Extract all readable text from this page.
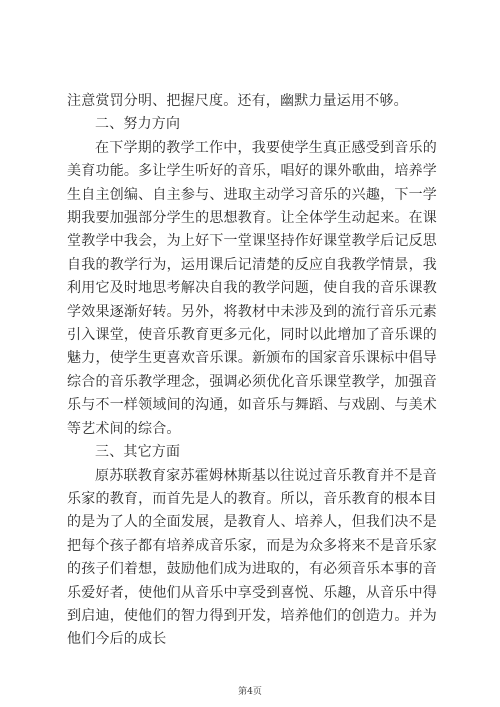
注意赏罚分明、把握尺度。还有，幽默力量运用不够。

二、努力方向

在下学期的教学工作中，我要使学生真正感受到音乐的美育功能。多让学生听好的音乐，唱好的课外歌曲，培养学生自主创编、自主参与、进取主动学习音乐的兴趣，下一学期我要加强部分学生的思想教育。让全体学生动起来。在课堂教学中我会，为上好下一堂课坚持作好课堂教学后记反思自我的教学行为，运用课后记清楚的反应自我教学情景，我利用它及时地思考解决自我的教学问题，使自我的音乐课教学效果逐渐好转。另外，将教材中未涉及到的流行音乐元素引入课堂，使音乐教育更多元化，同时以此增加了音乐课的魅力，使学生更喜欢音乐课。新颁布的国家音乐课标中倡导综合的音乐教学理念，强调必须优化音乐课堂教学，加强音乐与不一样领域间的沟通，如音乐与舞蹈、与戏剧、与美术等艺术间的综合。

三、其它方面

原苏联教育家苏霍姆林斯基以往说过音乐教育并不是音乐家的教育，而首先是人的教育。所以，音乐教育的根本目的是为了人的全面发展，是教育人、培养人，但我们决不是把每个孩子都有培养成音乐家，而是为众多将来不是音乐家的孩子们着想，鼓励他们成为进取的，有必须音乐本事的音乐爱好者，使他们从音乐中享受到喜悦、乐趣，从音乐中得到启迪，使他们的智力得到开发，培养他们的创造力。并为他们今后的成长

第4页
